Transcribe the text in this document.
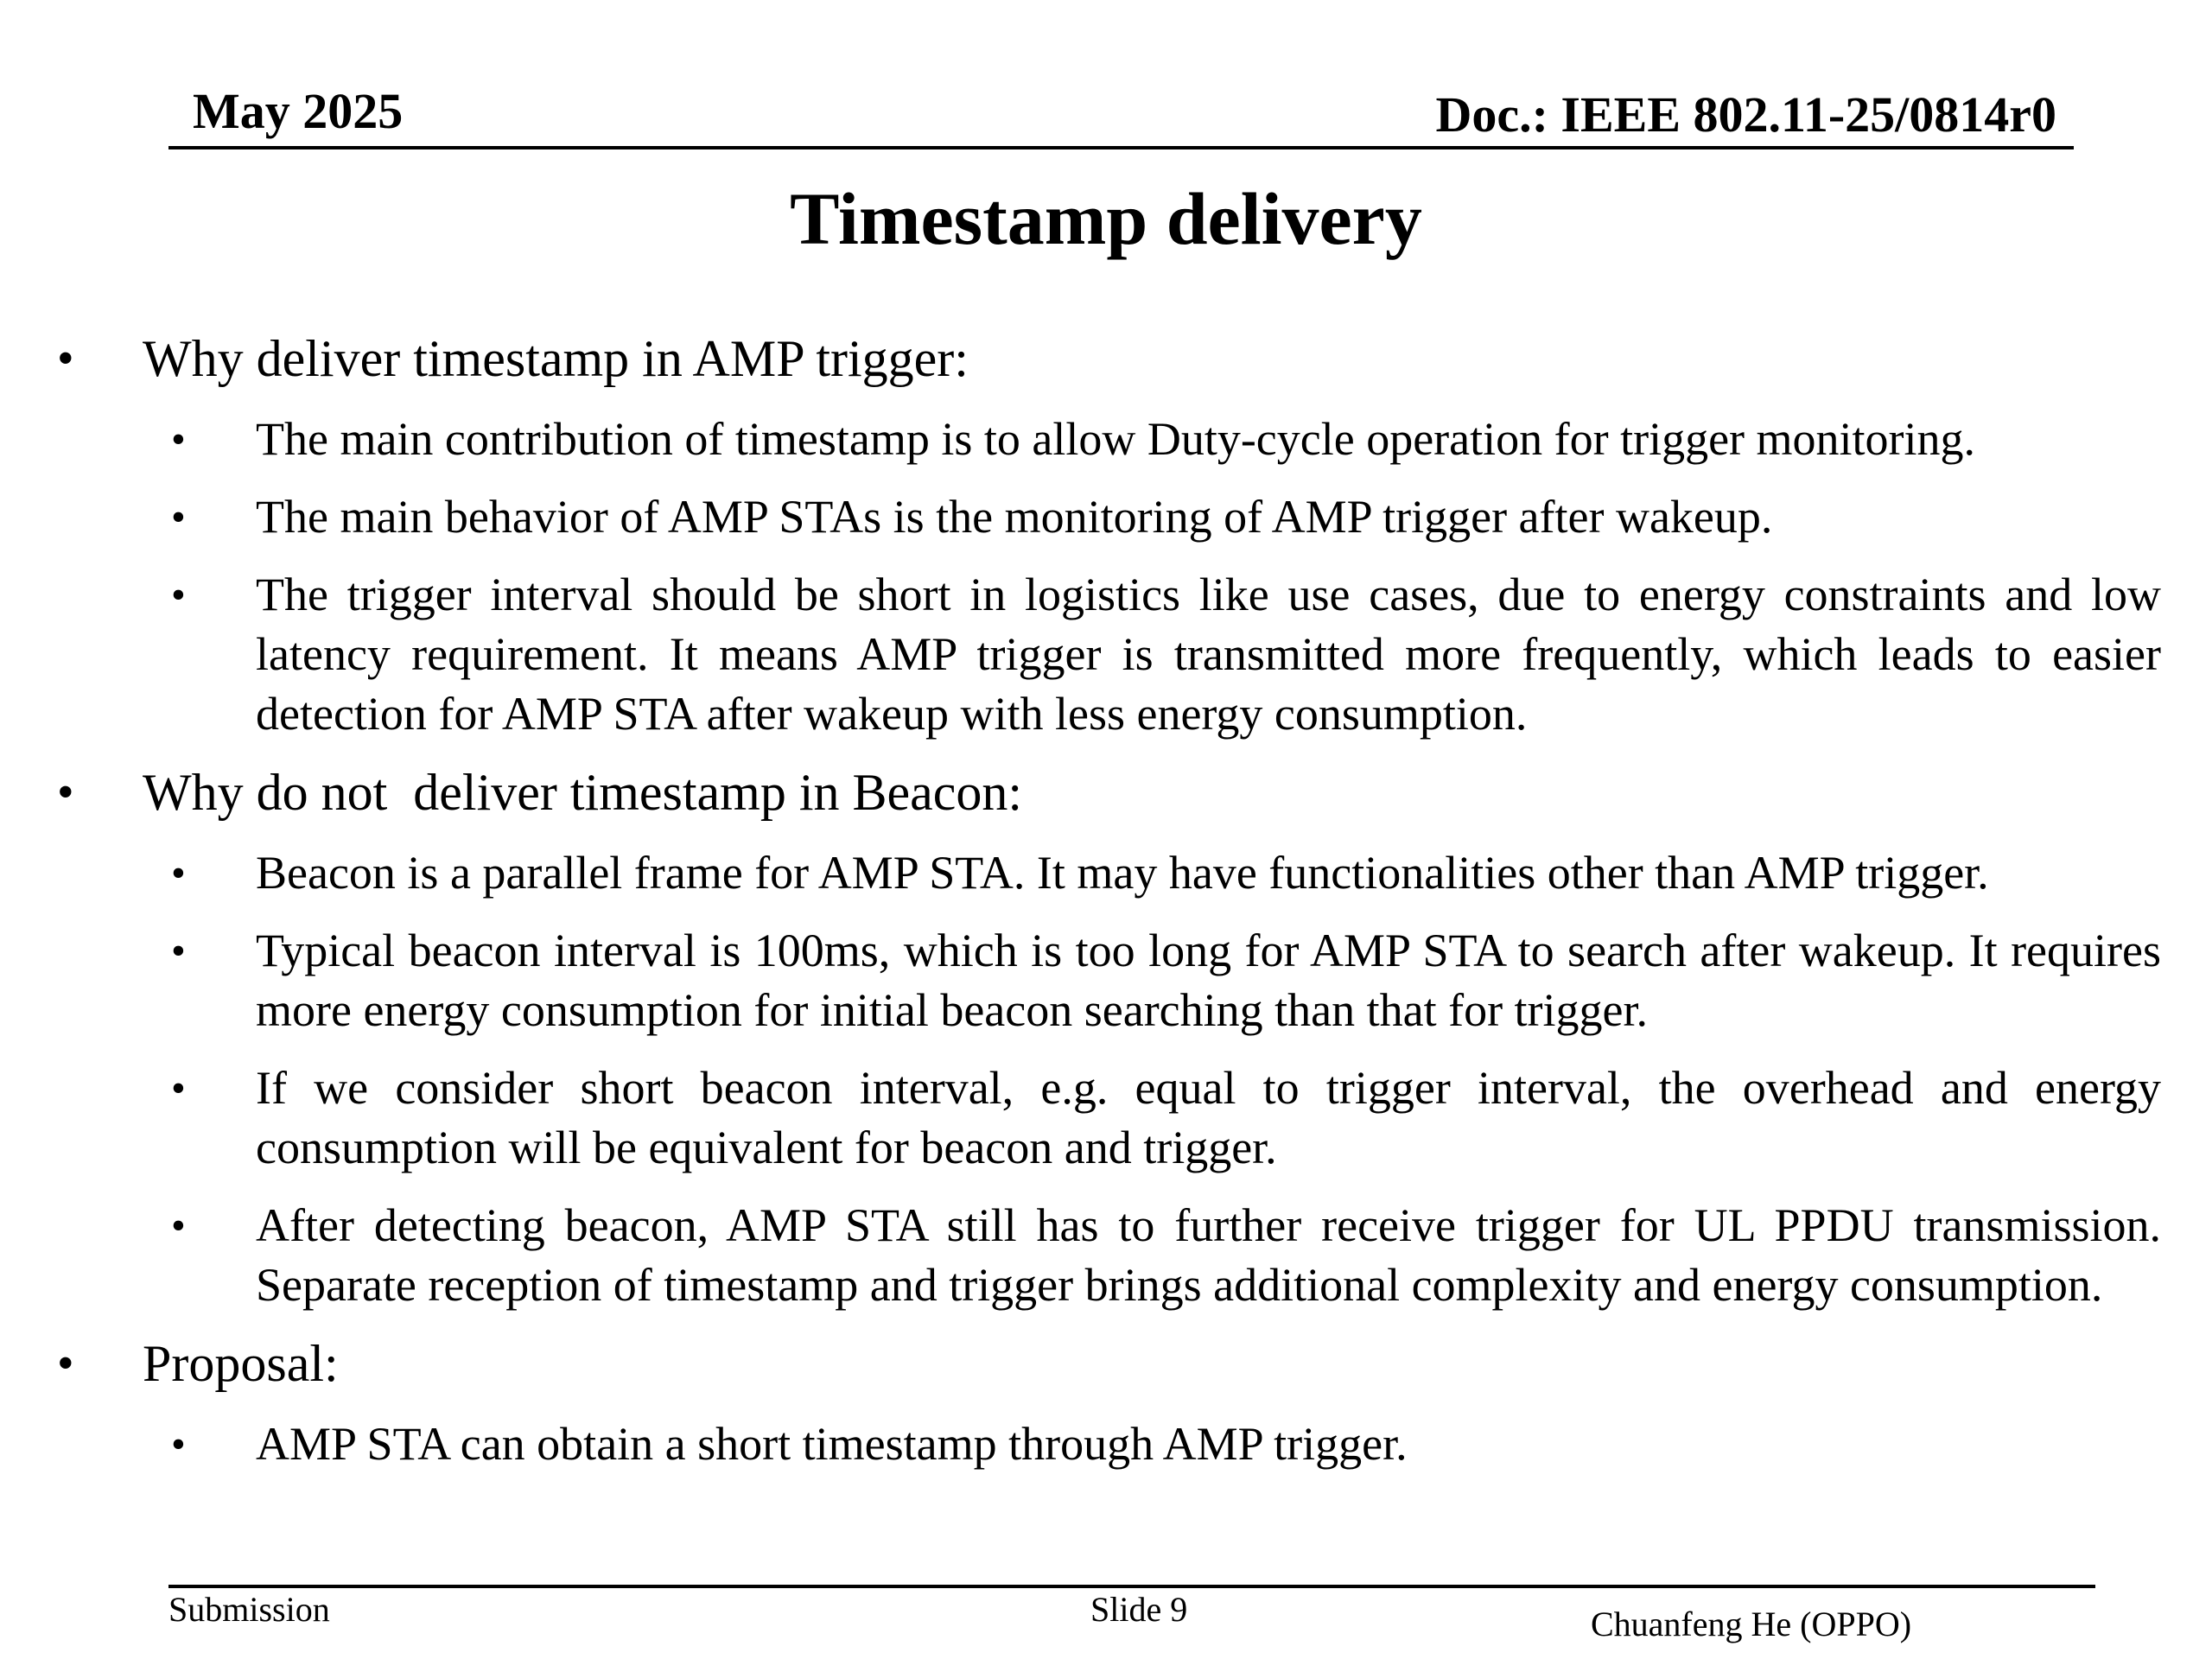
May 2025	Doc.: IEEE 802.11-25/0814r0
Timestamp delivery
• Why deliver timestamp in AMP trigger:
• The main contribution of timestamp is to allow Duty-cycle operation for trigger monitoring.
• The main behavior of AMP STAs is the monitoring of AMP trigger after wakeup.
• The trigger interval should be short in logistics like use cases, due to energy constraints and low latency requirement. It means AMP trigger is transmitted more frequently, which leads to easier detection for AMP STA after wakeup with less energy consumption.
• Why do not  deliver timestamp in Beacon:
• Beacon is a parallel frame for AMP STA. It may have functionalities other than AMP trigger.
• Typical beacon interval is 100ms, which is too long for AMP STA to search after wakeup. It requires more energy consumption for initial beacon searching than that for trigger.
• If we consider short beacon interval, e.g. equal to trigger interval, the overhead and energy consumption will be equivalent for beacon and trigger.
• After detecting beacon, AMP STA still has to further receive trigger for UL PPDU transmission. Separate reception of timestamp and trigger brings additional complexity and energy consumption.
• Proposal:
• AMP STA can obtain a short timestamp through AMP trigger.
Submission	Slide 9	Chuanfeng He (OPPO)
